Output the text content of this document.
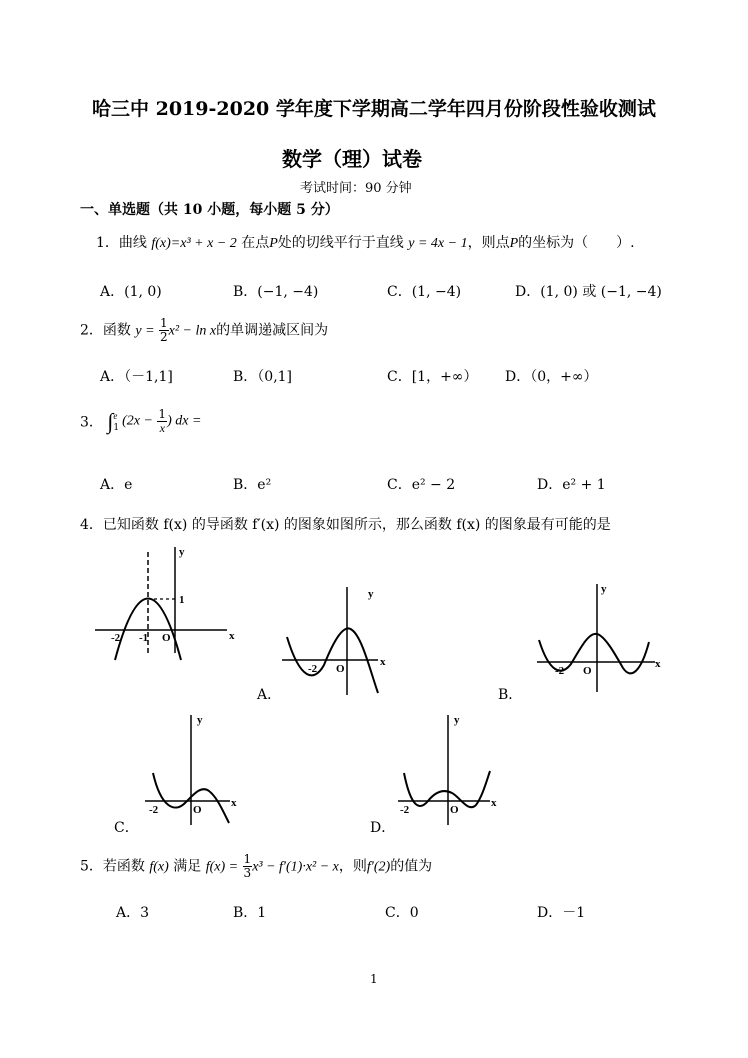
哈三中 2019-2020 学年度下学期高二学年四月份阶段性验收测试
数学（理）试卷
考试时间：90 分钟
一、单选题（共 10 小题，每小题 5 分）
1．曲线 f(x)=x³ + x − 2 在点P处的切线平行于直线 y = 4x − 1，则点P的坐标为（　　）.
A．(1, 0)	B．(−1, −4)	C．(1, −4)	D．(1, 0) 或 (−1, −4)
2．函数 $y = \frac{1}{2} x^2 - \ln x$的单调递减区间为
A．（－1,1]	B．（0,1]	C．[1，+∞） D．（0，+∞）
3． ∫ e
1 ($2x - \frac{1}{x}$ ) dx =
A．e	B．e²	C．e² − 2	D．e² + 1
4．已知函数 f(x) 的导函数 f′(x) 的图象如图所示，那么函数 f(x) 的图象最有可能的是
y
x
O
-2 -1
1	y
x
O
-2
A．
y
x
O
-2
B．
y
x
O
-2
C．
y
x
O
-2
D．
5．若函数 f(x) 满足 $f(x) = \frac{1}{3} x^3 - f'(1)\cdot x^2 - x$，则f′(2)的值为
A．3	B．1	C．0	D．－1
1
